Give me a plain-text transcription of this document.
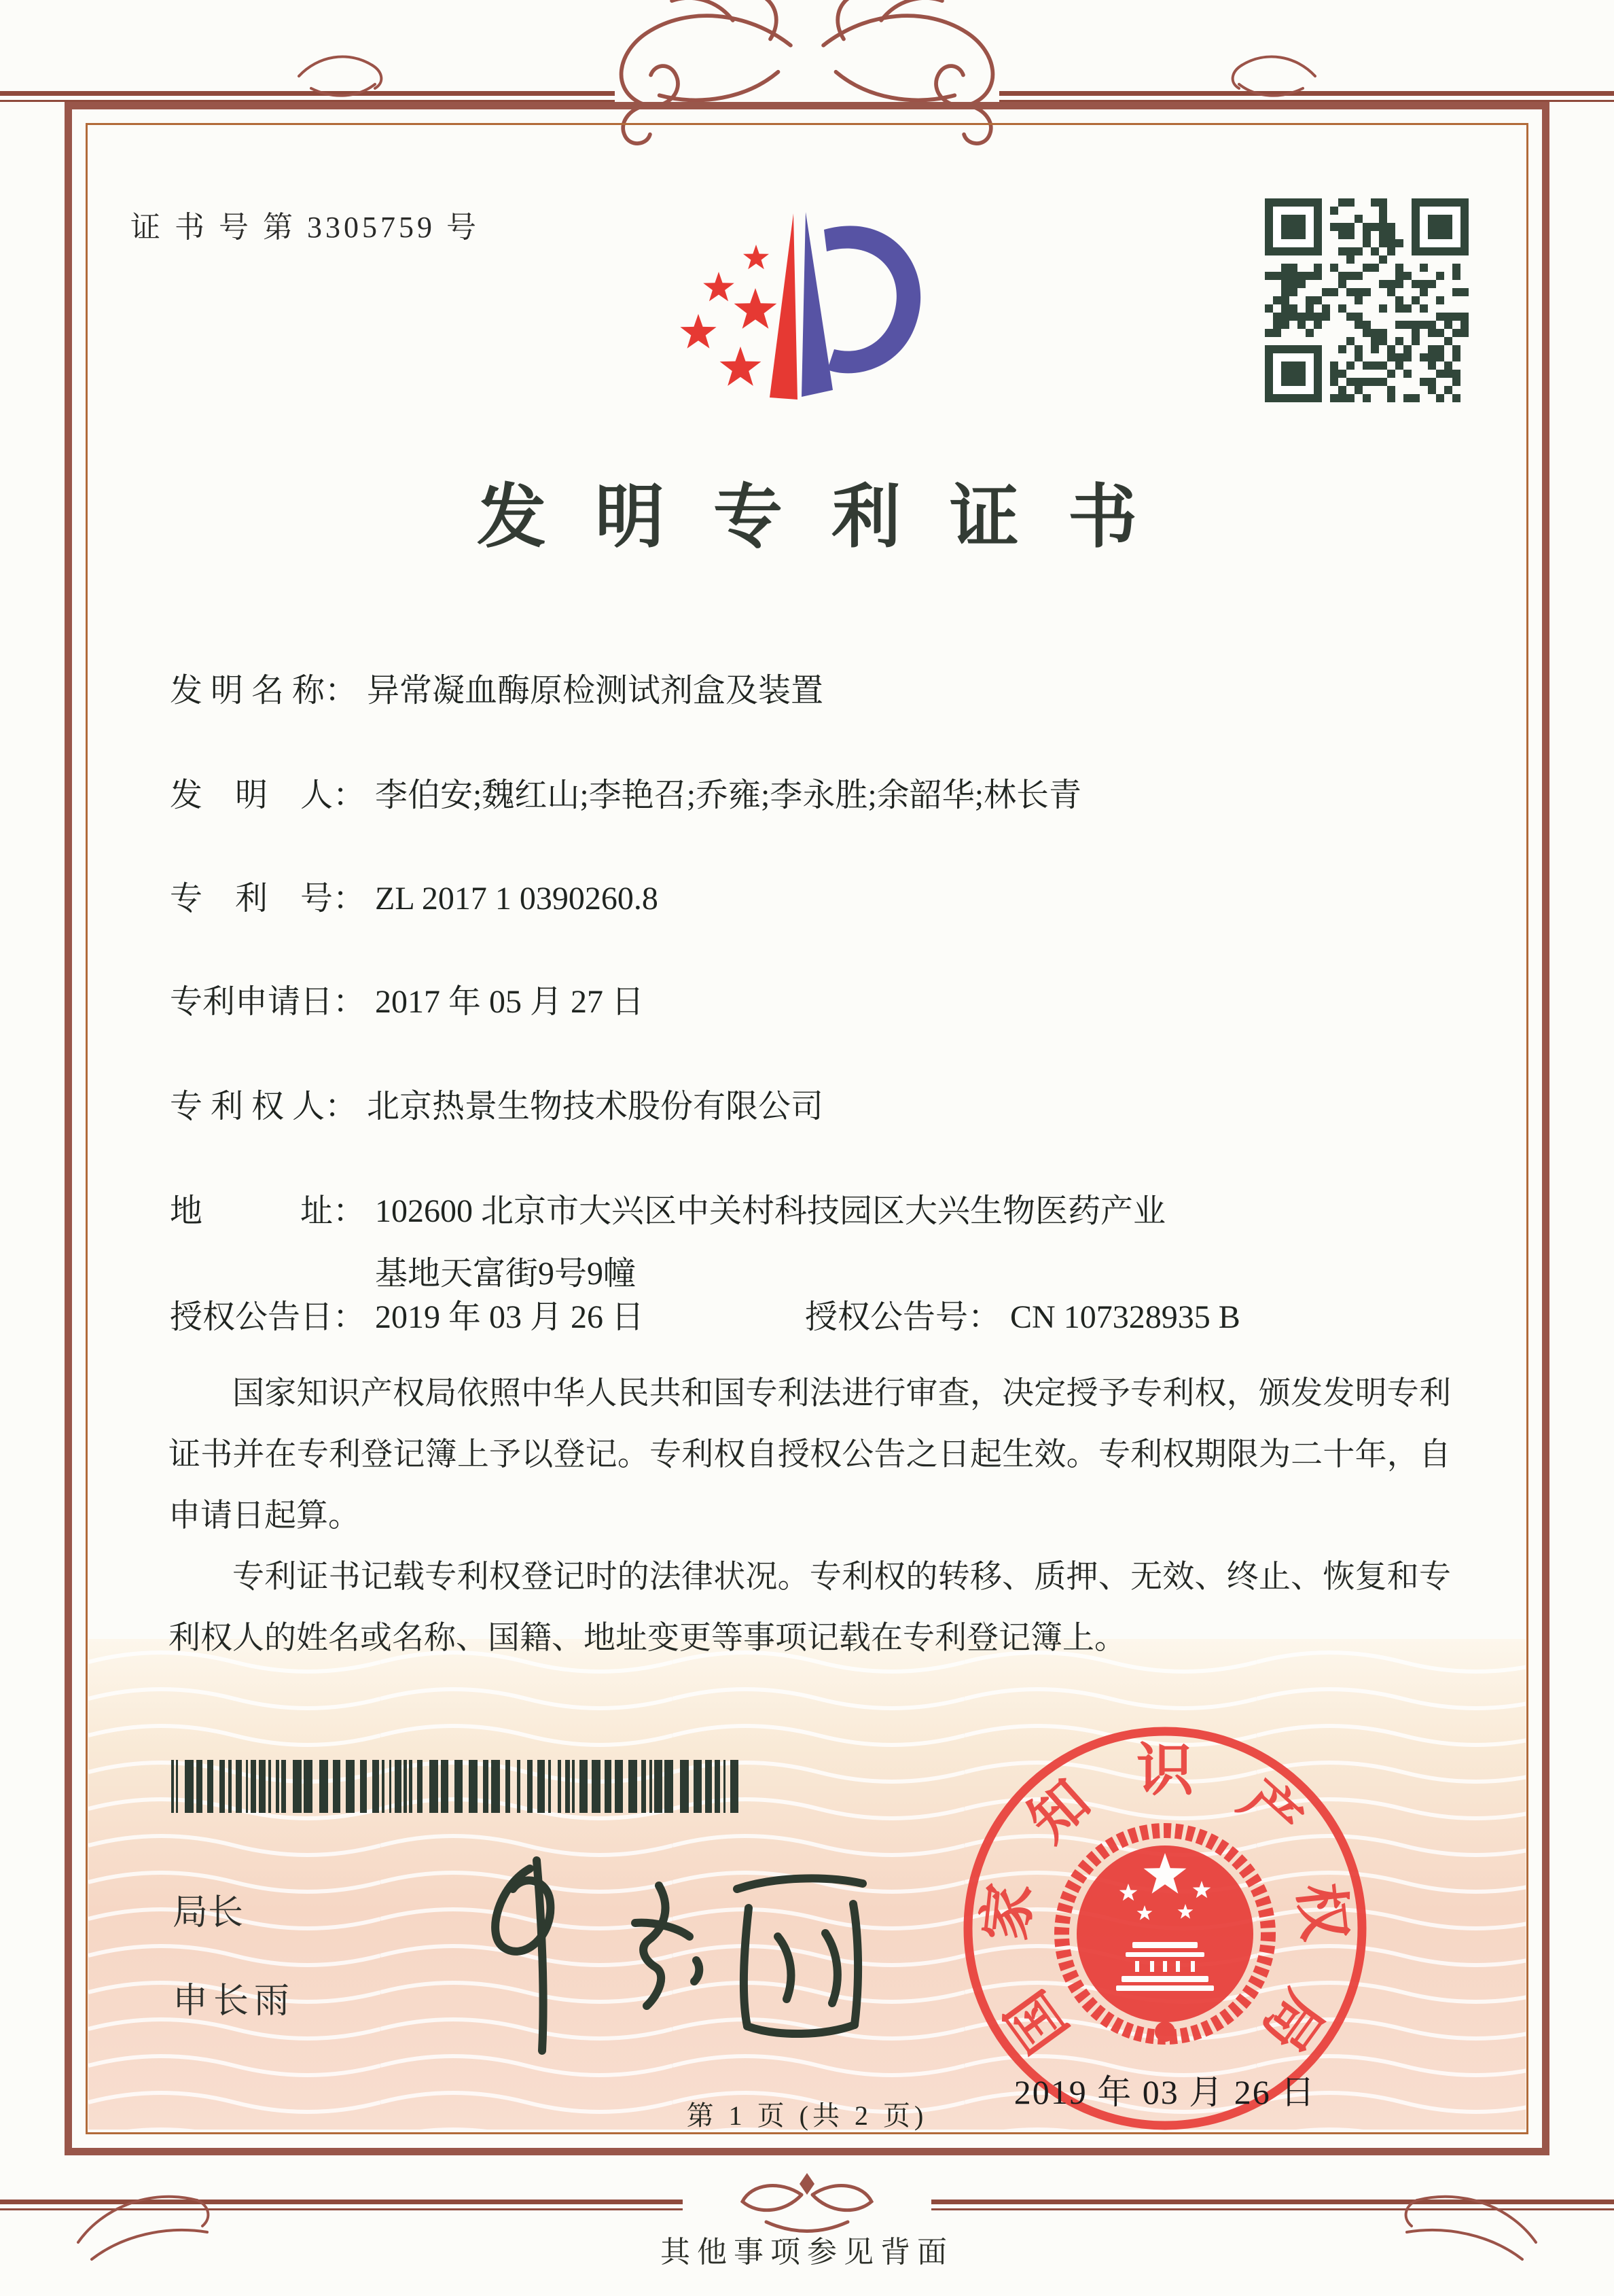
证 书 号 第 3305759 号
发明专利证书
发 明 名 称： 异常凝血酶原检测试剂盒及装置
发　明　人： 李伯安;魏红山;李艳召;乔雍;李永胜;余韶华;林长青
专　利　号： ZL 2017 1 0390260.8
专利申请日： 2017 年 05 月 27 日
专 利 权 人： 北京热景生物技术股份有限公司
地　　　址： 102600 北京市大兴区中关村科技园区大兴生物医药产业
基地天富街9号9幢
授权公告日： 2019 年 03 月 26 日	授权公告号： CN 107328935 B

国家知识产权局依照中华人民共和国专利法进行审查，决定授予专利权，颁发发明专利证书并在专利登记簿上予以登记。专利权自授权公告之日起生效。专利权期限为二十年，自申请日起算。

专利证书记载专利权登记时的法律状况。专利权的转移、质押、无效、终止、恢复和专利权人的姓名或名称、国籍、地址变更等事项记载在专利登记簿上。

局长
申长雨	国
家
知 识 产
权
局
2019 年 03 月 26 日
第 1 页 (共 2 页)
其他事项参见背面
